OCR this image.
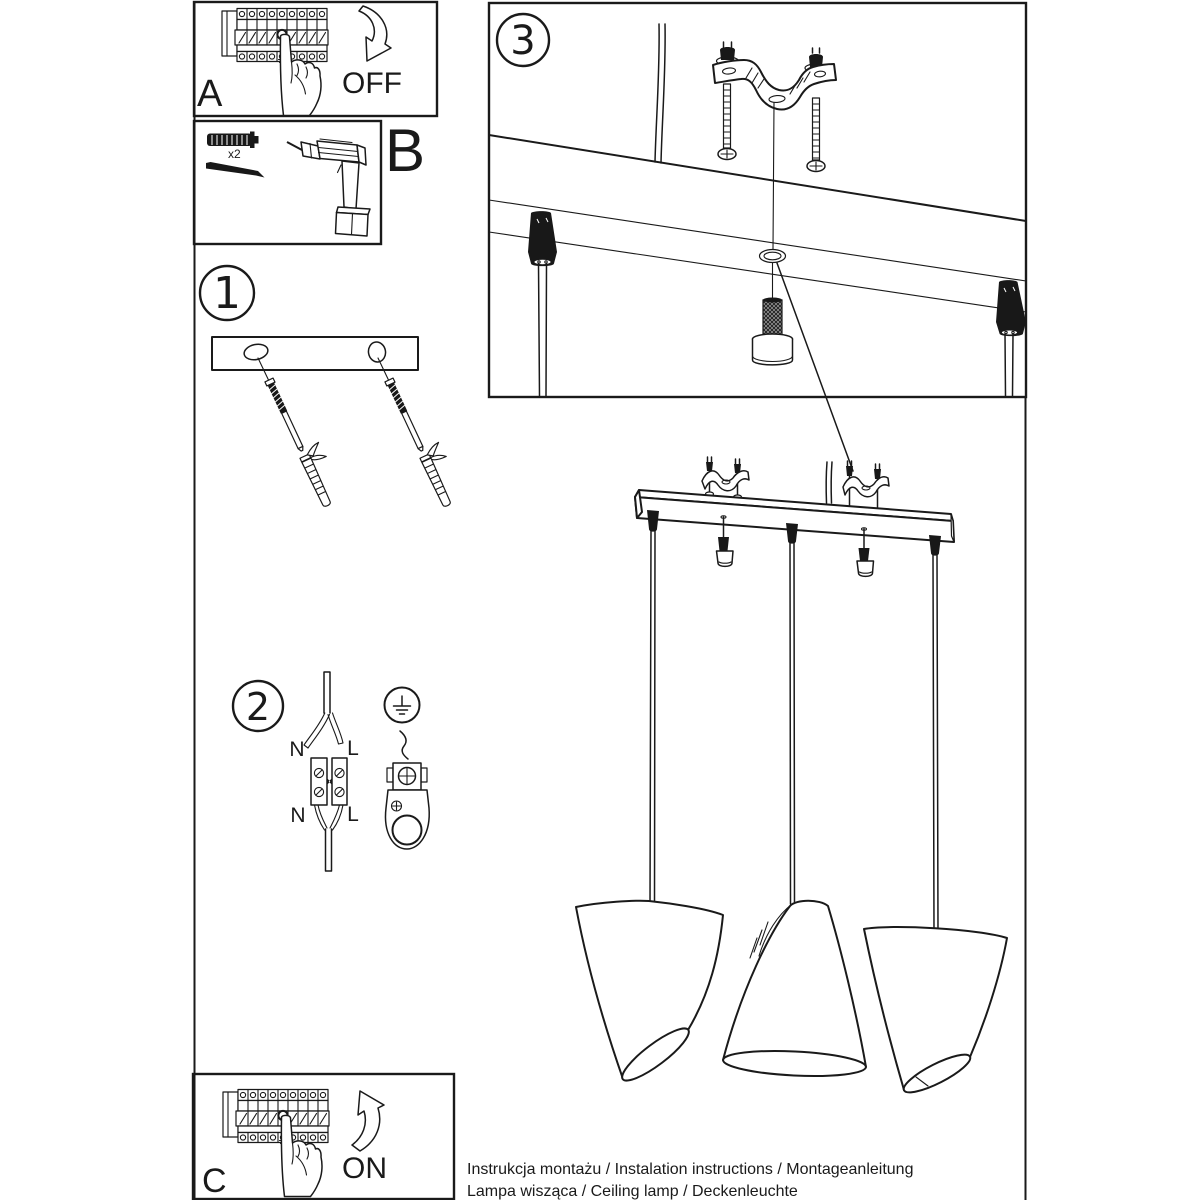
OFF
A
x2 B
1
2
N L
N L
3
ON
C	Instrukcja montażu / Instalation instructions / Montageanleitung
Lampa wisząca / Ceiling lamp / Deckenleuchte
